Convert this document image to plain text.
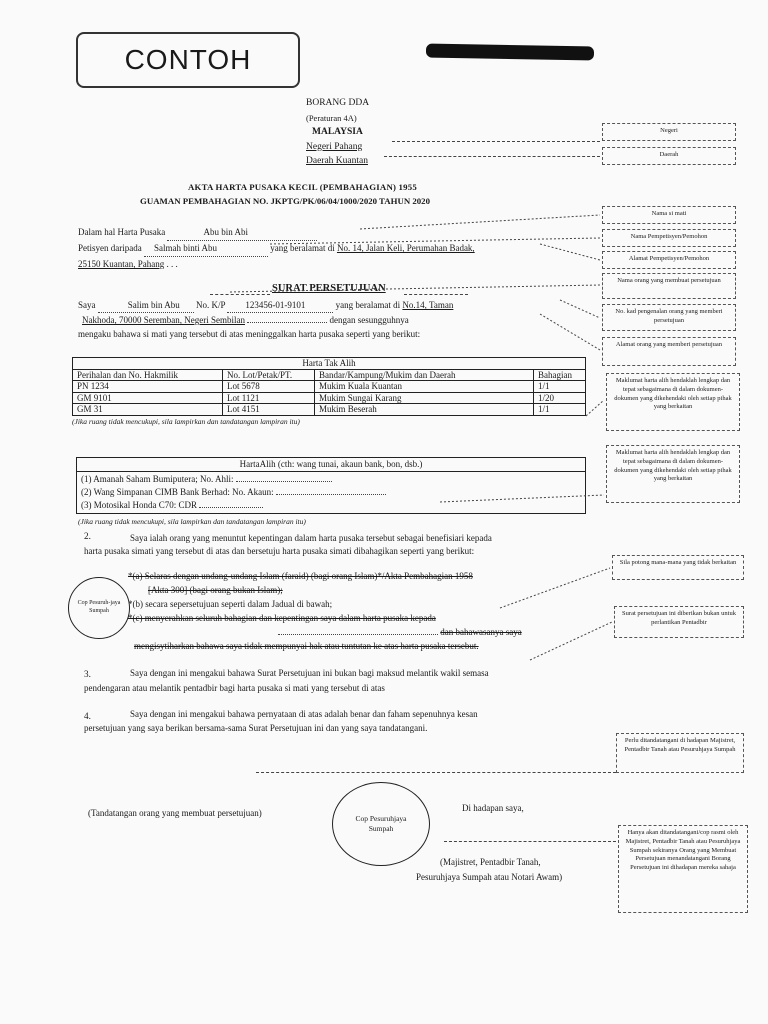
CONTOH
BORANG DDA
(Peraturan 4A)
MALAYSIA
Negeri Pahang
Daerah Kuantan
AKTA HARTA PUSAKA KECIL (PEMBAHAGIAN) 1955
GUAMAN PEMBAHAGIAN NO. JKPTG/PK/06/04/1000/2020 TAHUN 2020
Dalam hal Harta Pusaka	Abu bin Abi
Petisyen daripada Salmah binti Abu	yang beralamat di No. 14, Jalan Keli, Perumahan Badak,
25150 Kuantan, Pahang . . .
SURAT PERSETUJUAN
Saya	Salim bin Abu No. K/P 123456-01-9101	yang beralamat di No.14, Taman
Nakhoda, 70000 Seremban, Negeri Sembilan	dengan sesungguhnya
mengaku bahawa si mati yang tersebut di atas meninggalkan harta pusaka seperti yang berikut:
Harta Tak Alih			
Perihalan dan No. Hakmilik	No. Lot/Petak/PT.	Bandar/Kampung/Mukim dan Daerah	Bahagian
PN 1234	Lot 5678	Mukim Kuala Kuantan	1/1
GM 9101	Lot 1121	Mukim Sungai Karang	1/20
GM 31	Lot 4151	Mukim Beserah	1/1
(Jika ruang tidak mencukupi, sila lampirkan dan tandatangan lampiran itu)
HartaAlih (cth: wang tunai, akaun bank, bon, dsb.)
(1) Amanah Saham Bumiputera; No. Ahli:
(2) Wang Simpanan CIMB Bank Berhad: No. Akaun:
(3) Motosikal Honda C70: CDR
(Jika ruang tidak mencukupi, sila lampirkan dan tandatangan lampiran itu)
2.	Saya ialah orang yang menuntut kepentingan dalam harta pusaka tersebut sebagai benefisiari kepada
harta pusaka simati yang tersebut di atas dan bersetuju harta pusaka simati dibahagikan seperti yang berikut:
Cop Pesuruh-jaya Sumpah
*(a) Selaras dengan undang-undang Islam (faraid) (bagi orang Islam)*/Akta Pembahagian 1958
[Akta 300] (bagi orang bukan Islam);
*(b) secara sepersetujuan seperti dalam Jadual di bawah;
*(c) menyerahkan seluruh bahagian dan kepentingan saya dalam harta pusaka kepada
dan bahawasanya saya
mengisytiharkan bahawa saya tidak mempunyai hak atau tuntutan ke atas harta pusaka tersebut.
3.	Saya dengan ini mengakui bahawa Surat Persetujuan ini bukan bagi maksud melantik wakil semasa
pendengaran atau melantik pentadbir bagi harta pusaka si mati yang tersebut di atas
4.	Saya dengan ini mengakui bahawa pernyataan di atas adalah benar dan faham sepenuhnya kesan
persetujuan yang saya berikan bersama-sama Surat Persetujuan ini dan yang saya tandatangani.
(Tandatangan orang yang membuat persetujuan)	Cop Pesuruhjaya Sumpah
Di hadapan saya,
(Majistret, Pentadbir Tanah,
Pesuruhjaya Sumpah atau Notari Awam)
Negeri
Daerah
Nama si mati
Nama Pempetisyen/Pemohon
Alamat Pempetisyen/Pemohon
Nama orang yang membuat persetujuan
No. kad pengenalan orang yang memberi persetujuan
Alamat orang yang memberi persetujuan
Maklumat harta alih hendaklah lengkap dan tepat sebagaimana di dalam dokumen-dokumen yang dikehendaki oleh setiap pihak yang berkaitan
Maklumat harta alih hendaklah lengkap dan tepat sebagaimana di dalam dokumen-dokumen yang dikehendaki oleh setiap pihak yang berkaitan
Sila potong mana-mana yang tidak berkaitan
Surat persetujuan ini diberikan bukan untuk perlantikan Pentadbir
Perlu ditandatangani di hadapan Majistret, Pentadbir Tanah atau Pesuruhjaya Sumpah
Hanya akan ditandatangani/cop rasmi oleh Majistret, Pentadbir Tanah atau Pesuruhjaya Sumpah sekiranya Orang yang Membuat Persetujuan menandatangani Borang Persetujuan ini dihadapan mereka sahaja
